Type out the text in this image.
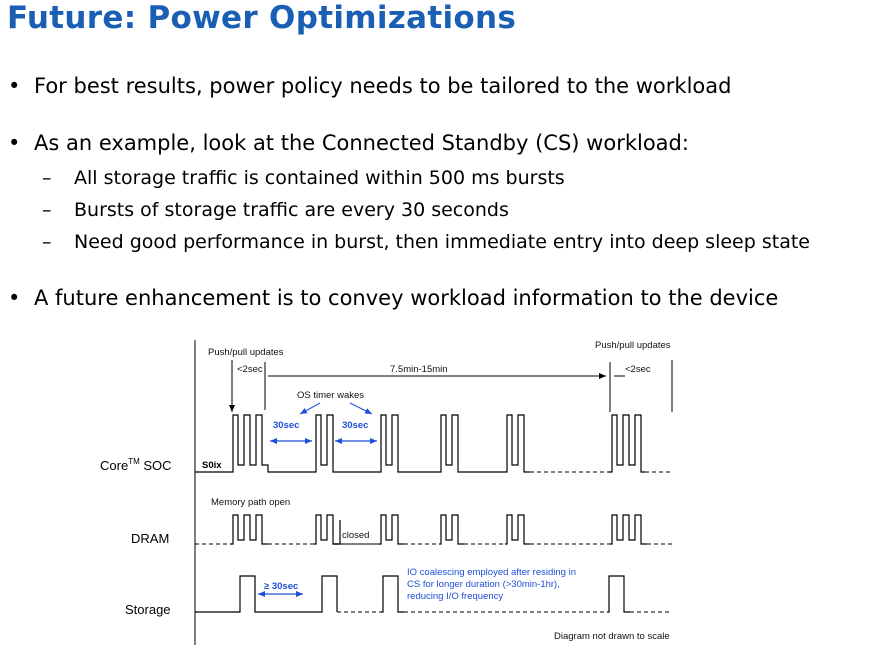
Future: Power Optimizations
• For best results, power policy needs to be tailored to the workload
• As an example, look at the Connected Standby (CS) workload:
– All storage traffic is contained within 500 ms bursts
– Bursts of storage traffic are every 30 seconds
– Need good performance in burst, then immediate entry into deep sleep state
• A future enhancement is to convey workload information to the device
Core™ SOC
DRAM
Storage
Push/pull updates
Push/pull updates
<2sec	<2sec
7.5min-15min
OS timer wakes
30sec	30sec
S0ix
Memory path open
closed
≥ 30sec
IO coalescing employed after residing in
CS for longer duration (>30min-1hr),
reducing I/O frequency
Diagram not drawn to scale
